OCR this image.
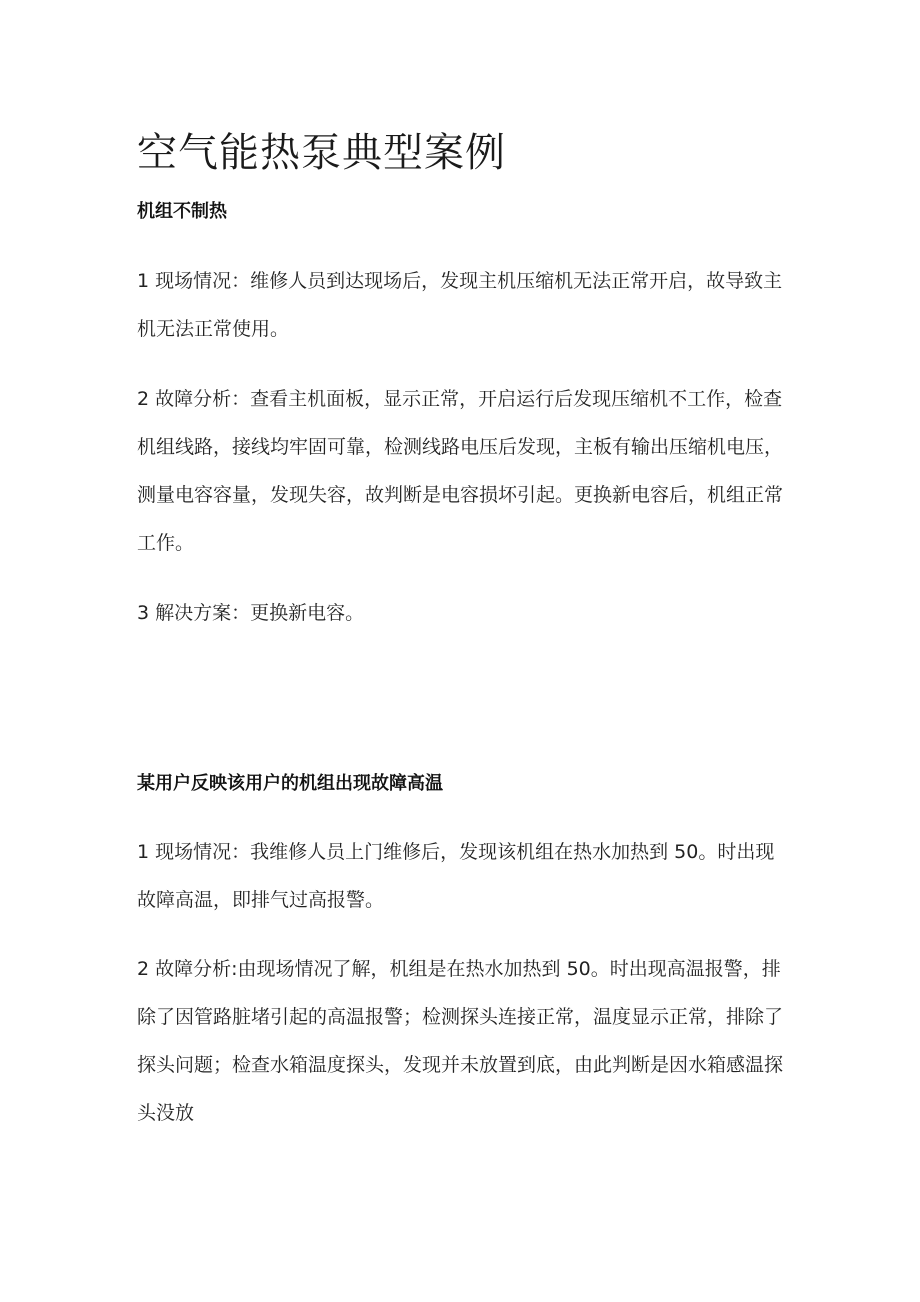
空气能热泵典型案例
机组不制热

1 现场情况：维修人员到达现场后，发现主机压缩机无法正常开启，故导致主机无法正常使用。

2 故障分析：查看主机面板，显示正常，开启运行后发现压缩机不工作，检查机组线路，接线均牢固可靠，检测线路电压后发现，主板有输出压缩机电压，测量电容容量，发现失容，故判断是电容损坏引起。更换新电容后，机组正常工作。

3 解决方案：更换新电容。

某用户反映该用户的机组出现故障高温

1 现场情况：我维修人员上门维修后，发现该机组在热水加热到 50。时出现故障高温，即排气过高报警。

2 故障分析:由现场情况了解，机组是在热水加热到 50。时出现高温报警，排除了因管路脏堵引起的高温报警；检测探头连接正常，温度显示正常，排除了探头问题；检查水箱温度探头，发现并未放置到底，由此判断是因水箱感温探头没放
